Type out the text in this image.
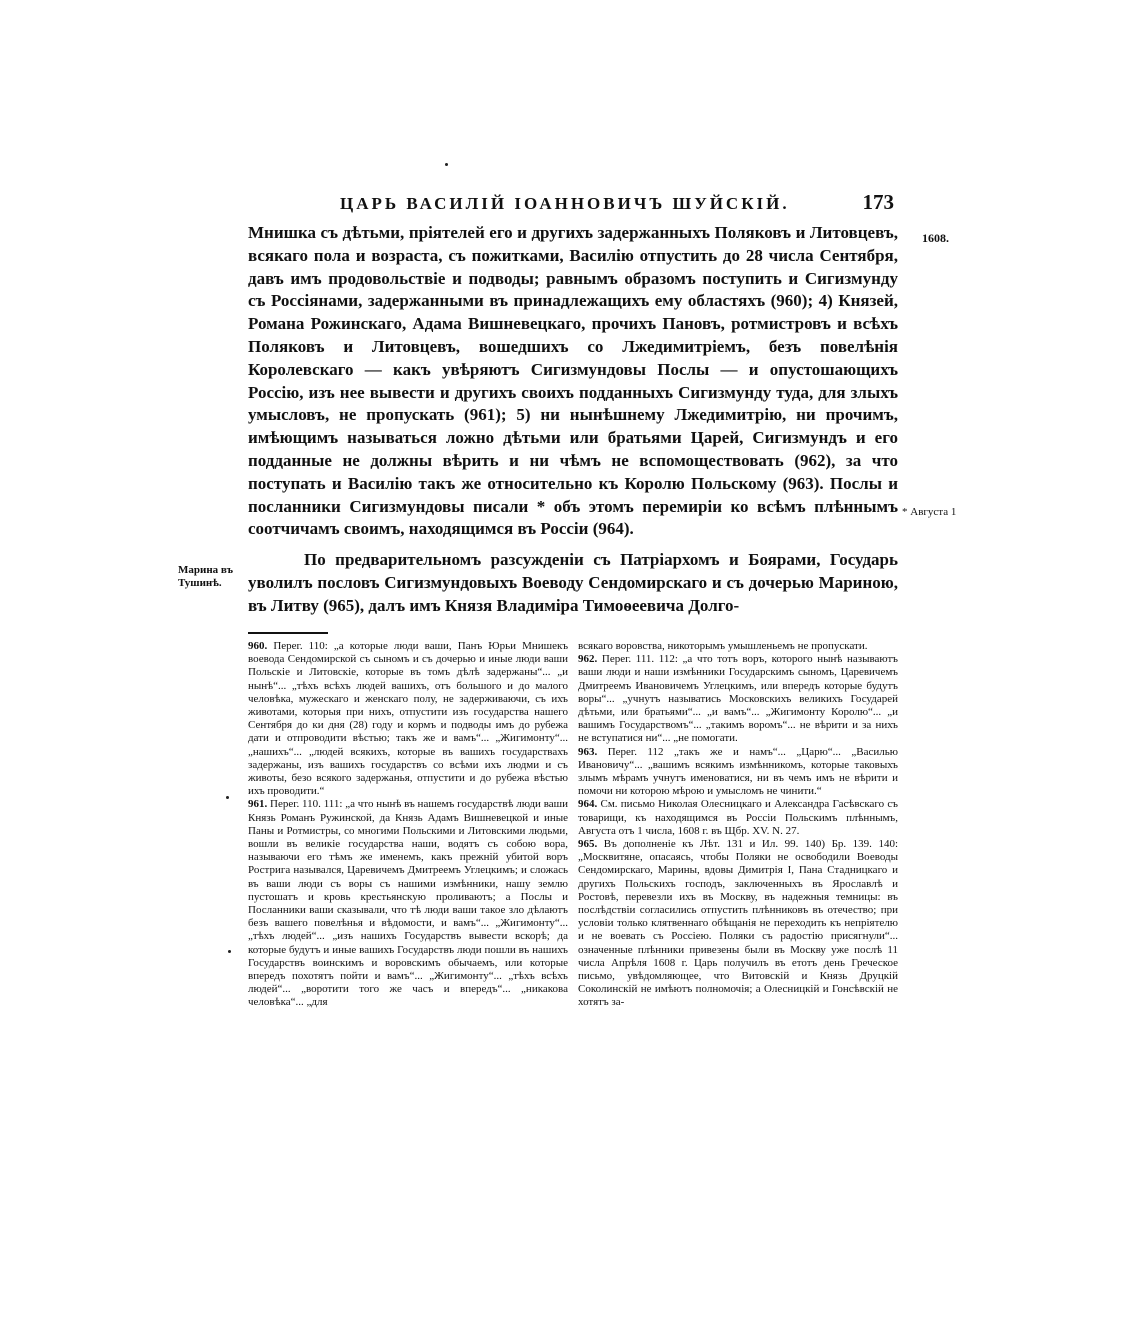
ЦАРЬ ВАСИЛІЙ ІОАННОВИЧЪ ШУЙСКІЙ.	173
1608.
* Августа 1
Марина въ
Тушинѣ.

Мнишка съ дѣтьми, пріятелей его и другихъ задержанныхъ Поляковъ и Литовцевъ, всякаго пола и возраста, съ пожитками, Василію отпустить до 28 числа Сентября, давъ имъ продовольствіе и подводы; равнымъ образомъ поступить и Сигизмунду съ Россіянами, задержанными въ принадлежащихъ ему областяхъ (960); 4) Князей, Романа Рожинскаго, Адама Вишневецкаго, прочихъ Пановъ, ротмистровъ и всѣхъ Поляковъ и Литовцевъ, вошедшихъ со Лжедимитріемъ, безъ повелѣнія Королевскаго — какъ увѣряютъ Сигизмундовы Послы — и опустошающихъ Россію, изъ нее вывести и другихъ своихъ подданныхъ Сигизмунду туда, для злыхъ умысловъ, не пропускать (961); 5) ни нынѣшнему Лжедимитрію, ни прочимъ, имѣющимъ называться ложно дѣтьми или братьями Царей, Сигизмундъ и его подданные не должны вѣрить и ни чѣмъ не вспомоществовать (962), за что поступать и Василію такъ же относительно къ Королю Польскому (963). Послы и посланники Сигизмундовы писали * объ этомъ перемиріи ко всѣмъ плѣннымъ соотчичамъ своимъ, находящимся въ Россіи (964).

По предварительномъ разсужденіи съ Патріархомъ и Боярами, Государь уволилъ пословъ Сигизмундовыхъ Воеводу Сендомирскаго и съ дочерью Мариною, въ Литву (965), далъ имъ Князя Владиміра Тимоѳеевича Долго-

960. Перег. 110: „а которые люди ваши, Панъ Юрьи Мнишекъ воевода Сендомирской съ сыномъ и съ дочерью и иные люди ваши Польскіе и Литовскіе, которые въ томъ дѣлѣ задержаны“... „и нынѣ“... „тѣхъ всѣхъ людей вашихъ, отъ большого и до малого человѣка, мужескаго и женскаго полу, не задерживаючи, съ ихъ животами, которыя при нихъ, отпустити изъ государства нашего Сентября до ки дня (28) году и кормъ и подводы имъ до рубежа дати и отпроводити вѣстью; такъ же и вамъ“... „Жигимонту“... „нашихъ“... „людей всякихъ, которые въ вашихъ государствахъ задержаны, изъ вашихъ государствъ со всѣми ихъ людми и съ животы, безо всякого задержанья, отпустити и до рубежа вѣстью ихъ проводити.“

961. Перег. 110. 111: „а что нынѣ въ нашемъ государствѣ люди ваши Князь Романъ Ружинской, да Князь Адамъ Вишневецкой и иные Паны и Ротмистры, со многими Польскими и Литовскими людьми, вошли въ великіе государства наши, водятъ съ собою вора, называючи его тѣмъ же именемъ, какъ прежній убитой воръ Ростригa назывался, Царевичемъ Дмитреемъ Углецкимъ; и сложась въ ваши люди съ воры съ нашими измѣнники, нашу землю пустошатъ и кровь крестьянскую проливаютъ; а Послы и Посланники ваши сказывали, что тѣ люди ваши такое зло дѣлаютъ безъ вашего повелѣнья и вѣдомости, и вамъ“... „Жигимонту“... „тѣхъ людей“... „изъ нашихъ Государствъ вывести вскорѣ; да которые будутъ и иные вашихъ Государствъ люди пошли въ нашихъ Государствъ воинскимъ и воровскимъ обычаемъ, или которые впередъ похотятъ пойти и вамъ“... „Жигимонту“... „тѣхъ всѣхъ людей“... „воротити того же часъ и впередъ“... „никакова человѣка“... „для

всякаго воровства, никоторымъ умышленьемъ не пропускати.

962. Перег. 111. 112: „а что тотъ воръ, которого нынѣ называютъ ваши люди и наши измѣнники Государскимъ сыномъ, Царевичемъ Дмитреемъ Ивановичемъ Углецкимъ, или впередъ которые будутъ воры“... „учнутъ называтись Московскихъ великихъ Государей дѣтьми, или братьями“... „и вамъ“... „Жигимонту Королю“... „и вашимъ Государствомъ“... „такимъ воромъ“... не вѣрити и за нихъ не вступатися ни“... „не помогати.

963. Перег. 112 „такъ же и намъ“... „Царю“... „Василью Ивановичу“... „вашимъ всякимъ измѣнникомъ, которые таковыхъ злымъ мѣрамъ учнутъ именоватися, ни въ чемъ имъ не вѣрити и помочи ни которою мѣрою и умысломъ не чинити.“

964. См. письмо Николая Олесницкаго и Александра Гасѣвскаго съ товарищи, къ находящимся въ Россіи Польскимъ плѣннымъ, Августа отъ 1 числа, 1608 г. въ Щбр. XV. N. 27.

965. Въ дополненіе къ Лѣт. 131 и Ил. 99. 140) Бр. 139. 140: „Москвитяне, опасаясь, чтобы Поляки не освободили Воеводы Сендомирскаго, Марины, вдовы Димитрія I, Пана Стадницкаго и другихъ Польскихъ господъ, заключенныхъ въ Ярославлѣ и Ростовѣ, перевезли ихъ въ Москву, въ надежныя темницы: въ послѣдствіи согласились отпустить плѣнниковъ въ отечество; при условіи только клятвеннаго обѣщанія не переходить къ непріятелю и не воевать съ Россіею. Поляки съ радостію присягнули“... означенные плѣнники привезены были въ Москву уже послѣ 11 числа Апрѣля 1608 г. Царь получилъ въ етотъ день Греческое письмо, увѣдомляющее, что Витовскій и Князь Друцкій Соколинскій не имѣютъ полномочія; а Олесницкій и Гонсѣвскій не хотятъ за-
